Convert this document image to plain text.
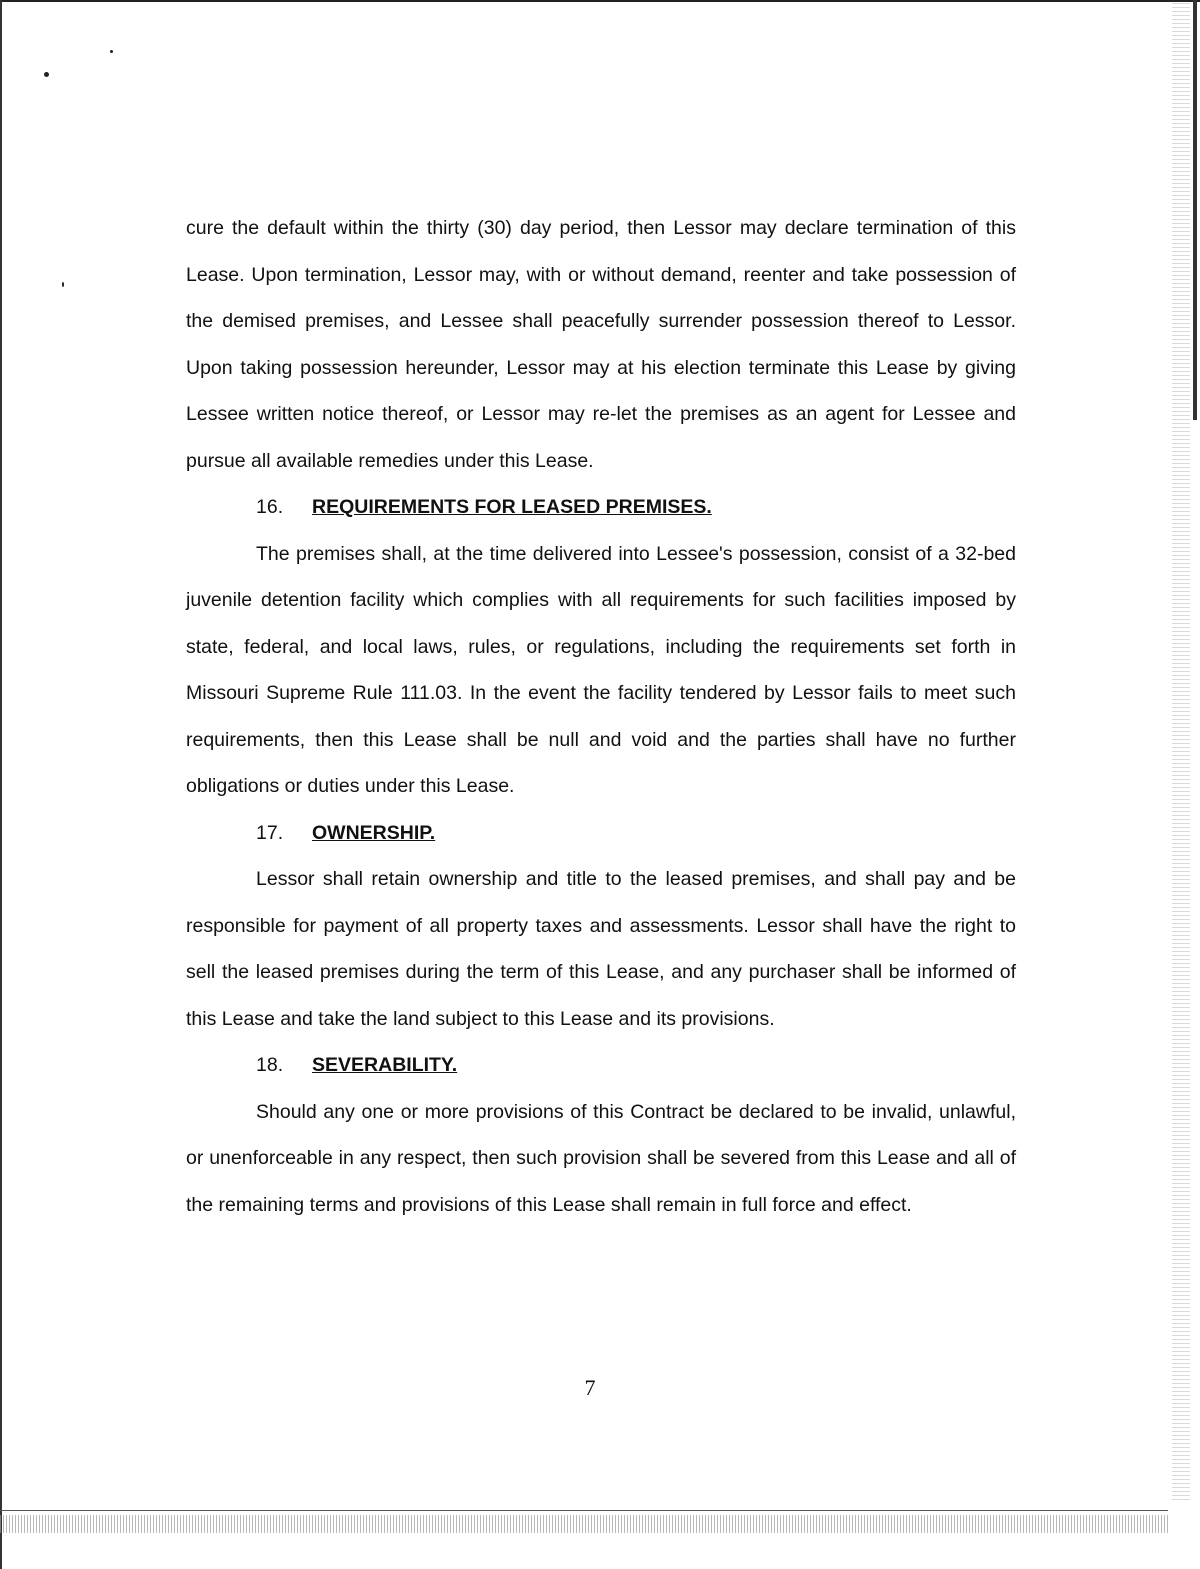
cure the default within the thirty (30) day period, then Lessor may declare termination of this Lease. Upon termination, Lessor may, with or without demand, reenter and take possession of the demised premises, and Lessee shall peacefully surrender possession thereof to Lessor. Upon taking possession hereunder, Lessor may at his election terminate this Lease by giving Lessee written notice thereof, or Lessor may re-let the premises as an agent for Lessee and pursue all available remedies under this Lease.

16. REQUIREMENTS FOR LEASED PREMISES.

The premises shall, at the time delivered into Lessee's possession, consist of a 32-bed juvenile detention facility which complies with all requirements for such facilities imposed by state, federal, and local laws, rules, or regulations, including the requirements set forth in Missouri Supreme Rule 111.03. In the event the facility tendered by Lessor fails to meet such requirements, then this Lease shall be null and void and the parties shall have no further obligations or duties under this Lease.

17. OWNERSHIP.

Lessor shall retain ownership and title to the leased premises, and shall pay and be responsible for payment of all property taxes and assessments. Lessor shall have the right to sell the leased premises during the term of this Lease, and any purchaser shall be informed of this Lease and take the land subject to this Lease and its provisions.

18. SEVERABILITY.

Should any one or more provisions of this Contract be declared to be invalid, unlawful, or unenforceable in any respect, then such provision shall be severed from this Lease and all of the remaining terms and provisions of this Lease shall remain in full force and effect.

7
